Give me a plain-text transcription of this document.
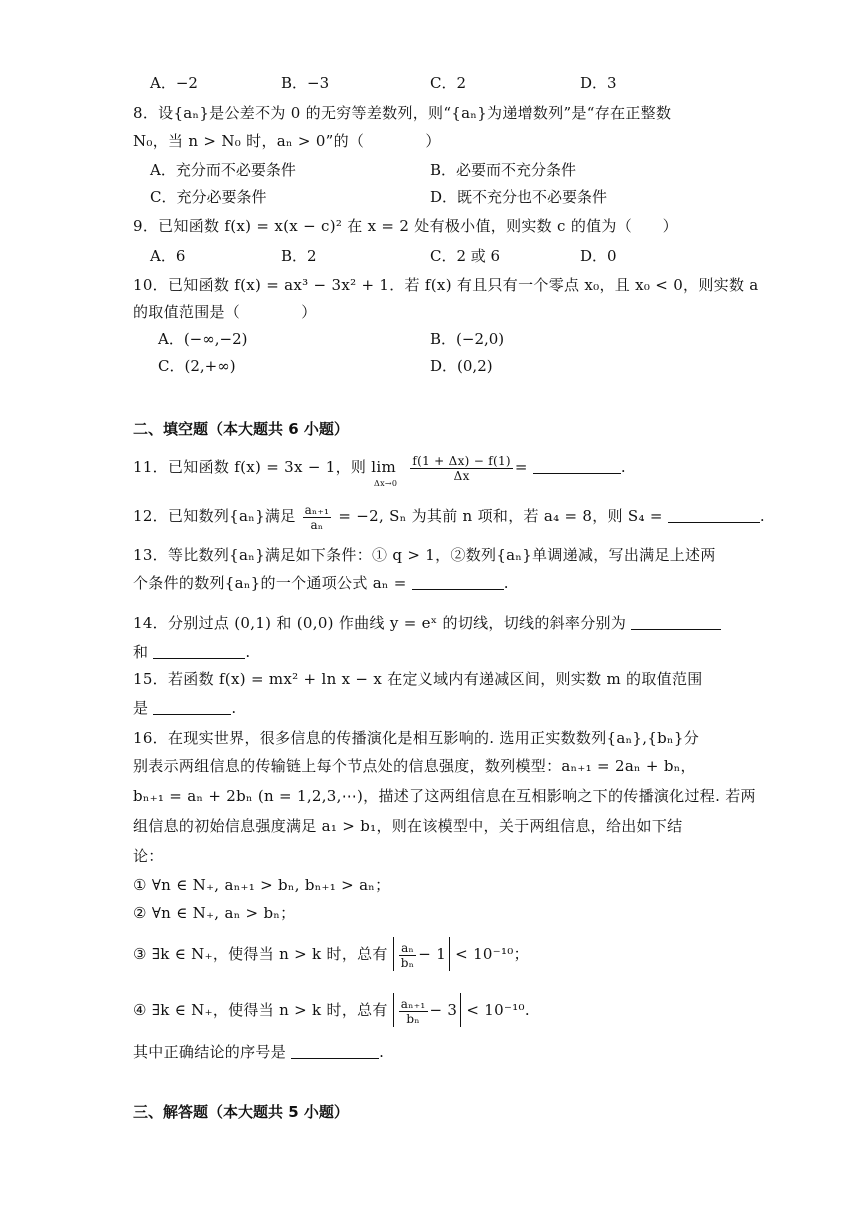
A．−2	B．−3	C．2	D．3
8．设{aₙ}是公差不为 0 的无穷等差数列，则“{aₙ}为递增数列”是“存在正整数
N₀，当 n > N₀ 时，aₙ > 0”的（　　　　）
A．充分而不必要条件	B．必要而不充分条件
C．充分必要条件	D．既不充分也不必要条件
9．已知函数 f(x) = x(x − c)² 在 x = 2 处有极小值，则实数 c 的值为（　　）
A．6	B．2	C．2 或 6	D．0
10．已知函数 f(x) = ax³ − 3x² + 1．若 f(x) 有且只有一个零点 x₀，且 x₀ < 0，则实数 a
的取值范围是（　　　　）
A．(−∞,−2)	B．(−2,0)
C．(2,+∞)	D．(0,2)
二、填空题（本大题共 6 小题）
11．已知函数 f(x) = 3x − 1，则 $\lim_{\Delta x\to 0}$
$\frac{f(1 + \Delta x) - f(1)}{\Delta x}$ =	.
12．已知数列{aₙ}满足 $\frac{\text{aₙ₊₁}}{\text{aₙ}} = -2$, Sₙ 为其前 n 项和，若 a₄ = 8，则 S₄ =	.
13．等比数列{aₙ}满足如下条件：① q > 1，②数列{aₙ}单调递减，写出满足上述两
个条件的数列{aₙ}的一个通项公式 aₙ =	.
14．分别过点 (0,1) 和 (0,0) 作曲线 y = eˣ 的切线，切线的斜率分别为
和	.
15．若函数 f(x) = mx² + ln x − x 在定义域内有递减区间，则实数 m 的取值范围
是	.
16．在现实世界，很多信息的传播演化是相互影响的. 选用正实数数列{aₙ},{bₙ}分
别表示两组信息的传输链上每个节点处的信息强度，数列模型：aₙ₊₁ = 2aₙ + bₙ，
bₙ₊₁ = aₙ + 2bₙ (n = 1,2,3,⋯)，描述了这两组信息在互相影响之下的传播演化过程. 若两
组信息的初始信息强度满足 a₁ > b₁，则在该模型中，关于两组信息，给出如下结
论：
① ∀n ∈ N₊, aₙ₊₁ > bₙ, bₙ₊₁ > aₙ；
② ∀n ∈ N₊, aₙ > bₙ；
③ ∃k ∈ N₊，使得当 n > k 时，总有 $\frac{\text{aₙ}}{\text{bₙ}} - 1 < 10^{-10}$；
④ ∃k ∈ N₊，使得当 n > k 时，总有 $\frac{\text{aₙ₊₁}}{\text{bₙ}} - 3 < 10^{-10}$.
其中正确结论的序号是	.
三、解答题（本大题共 5 小题）
